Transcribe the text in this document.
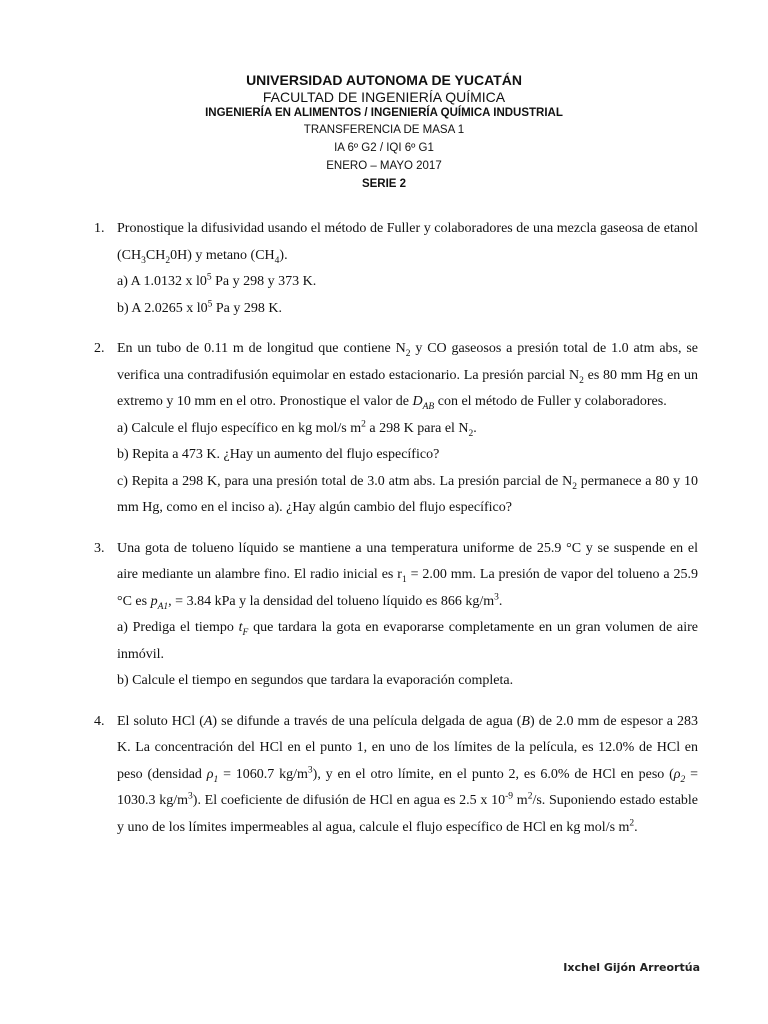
UNIVERSIDAD AUTONOMA DE YUCATÁN
FACULTAD DE INGENIERÍA QUÍMICA
INGENIERÍA EN ALIMENTOS / INGENIERÍA QUÍMICA INDUSTRIAL
TRANSFERENCIA DE MASA 1
IA 6º G2 / IQI 6º G1
ENERO – MAYO 2017
SERIE 2
1. Pronostique la difusividad usando el método de Fuller y colaboradores de una mezcla gaseosa de etanol $(CH_3CH_20H)$ y metano $(CH_4)$.
a) A 1.0132 x $l0^5$ Pa y 298 y 373 K.
b) A 2.0265 x $l0^5$ Pa y 298 K.
2. En un tubo de 0.11 m de longitud que contiene $N_2$ y CO gaseosos a presión total de 1.0 atm abs, se verifica una contradifusión equimolar en estado estacionario. La presión parcial $N_2$ es 80 mm Hg en un extremo y 10 mm en el otro. Pronostique el valor de $D_{AB}$ con el método de Fuller y colaboradores.
a) Calcule el flujo específico en kg mol/s $m^2$ a 298 K para el $N_2$.
b) Repita a 473 K. ¿Hay un aumento del flujo específico?
c) Repita a 298 K, para una presión total de 3.0 atm abs. La presión parcial de $N_2$ permanece a 80 y 10 mm Hg, como en el inciso a). ¿Hay algún cambio del flujo específico?
3. Una gota de tolueno líquido se mantiene a una temperatura uniforme de 25.9 °C y se suspende en el aire mediante un alambre fino. El radio inicial es $r_1 = 2.00$ mm. La presión de vapor del tolueno a 25.9 °C es $p_{A1}$, = 3.84 kPa y la densidad del tolueno líquido es 866 $kg/m^3$.
a) Prediga el tiempo $t_F$ que tardara la gota en evaporarse completamente en un gran volumen de aire inmóvil.
b) Calcule el tiempo en segundos que tardara la evaporación completa.
4. El soluto HCl (A) se difunde a través de una película delgada de agua (B) de 2.0 mm de espesor a 283 K. La concentración del HCl en el punto 1, en uno de los límites de la película, es 12.0% de HCl en peso (densidad $\rho_1 = 1060.7$ $kg/m^3$), y en el otro límite, en el punto 2, es 6.0% de HCl en peso ($\rho_2 = 1030.3$ $kg/m^3$). El coeficiente de difusión de HCl en agua es 2.5 x $10^{-9}$ $m^2/s$. Suponiendo estado estable y uno de los límites impermeables al agua, calcule el flujo específico de HCl en kg mol/s $m^2$.
Ixchel Gijón Arreortúa
